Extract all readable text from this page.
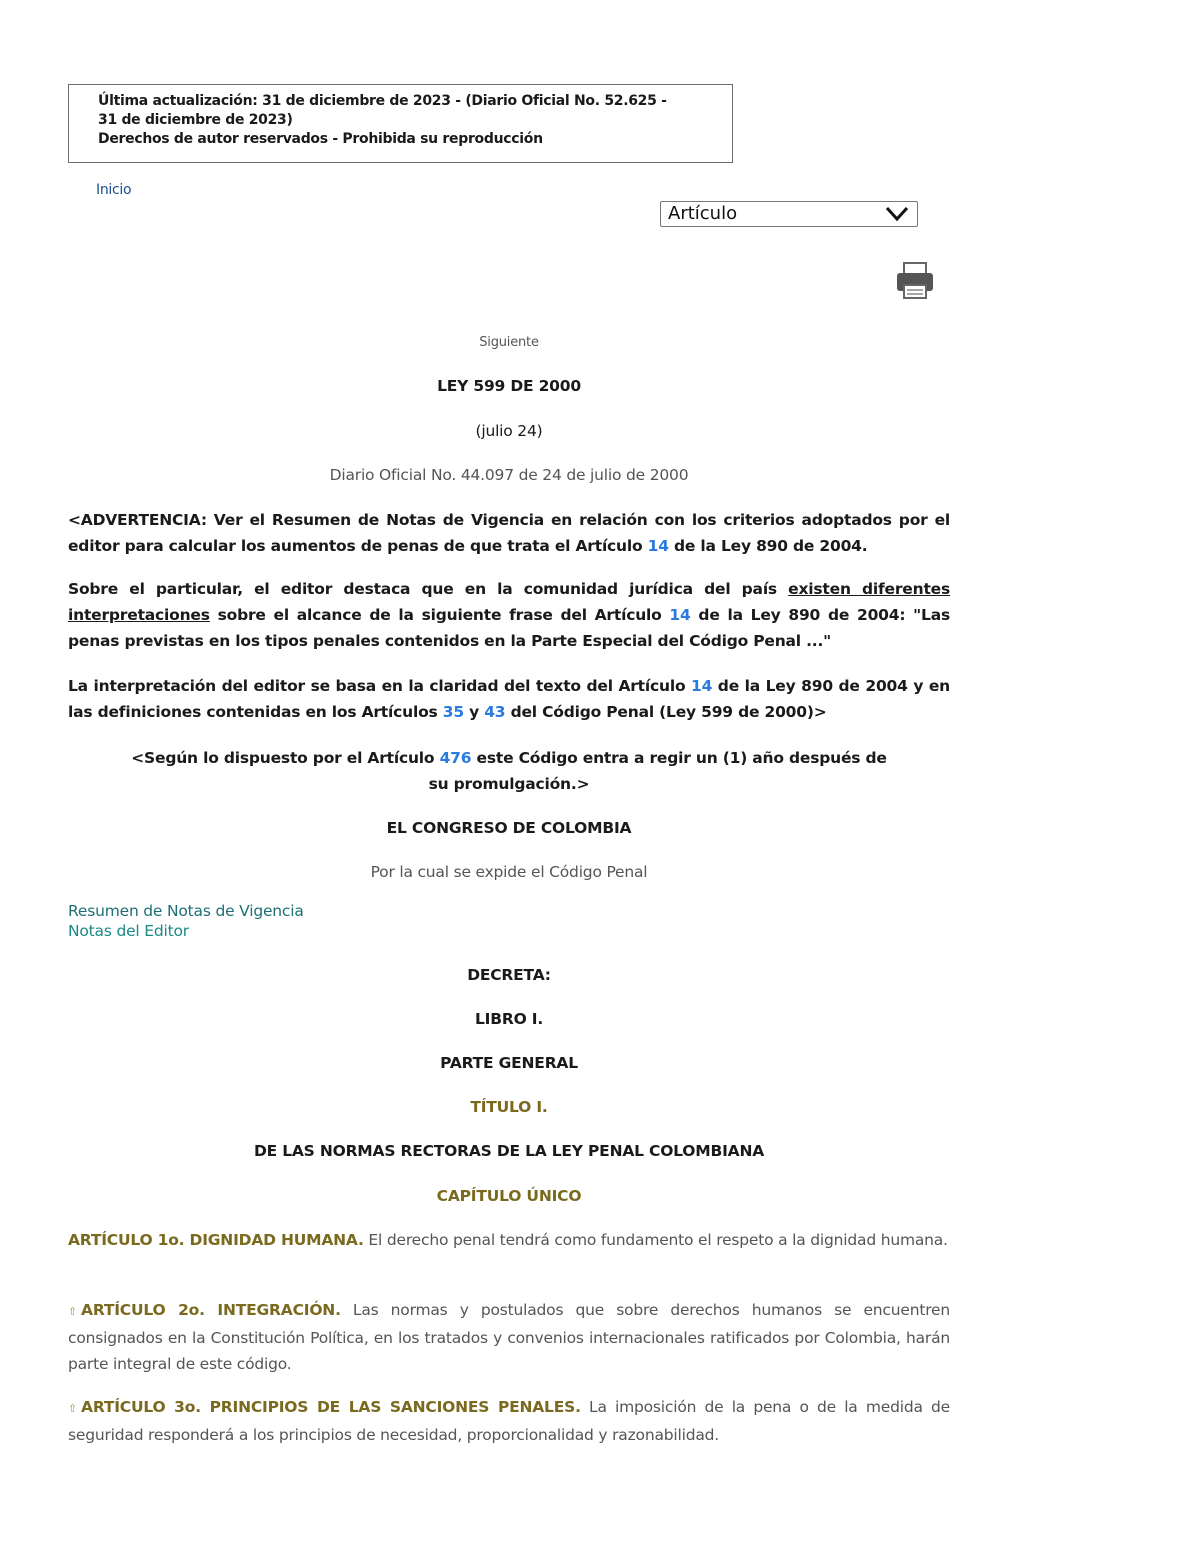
Última actualización: 31 de diciembre de 2023 - (Diario Oficial No. 52.625 -
31 de diciembre de 2023)
Derechos de autor reservados - Prohibida su reproducción
Inicio
Artículo

Siguiente

LEY 599 DE 2000

(julio 24)

Diario Oficial No. 44.097 de 24 de julio de 2000

<ADVERTENCIA: Ver el Resumen de Notas de Vigencia en relación con los criterios adoptados por el editor para calcular los aumentos de penas de que trata el Artículo 14 de la Ley 890 de 2004.

Sobre el particular, el editor destaca que en la comunidad jurídica del país existen diferentes interpretaciones sobre el alcance de la siguiente frase del Artículo 14 de la Ley 890 de 2004: "Las penas previstas en los tipos penales contenidos en la Parte Especial del Código Penal ..."

La interpretación del editor se basa en la claridad del texto del Artículo 14 de la Ley 890 de 2004 y en las definiciones contenidas en los Artículos 35 y 43 del Código Penal (Ley 599 de 2000)>

<Según lo dispuesto por el Artículo 476 este Código entra a regir un (1) año después de su promulgación.>

EL CONGRESO DE COLOMBIA

Por la cual se expide el Código Penal

Resumen de Notas de Vigencia
Notas del Editor

DECRETA:

LIBRO I.

PARTE GENERAL

TÍTULO I.

DE LAS NORMAS RECTORAS DE LA LEY PENAL COLOMBIANA

CAPÍTULO ÚNICO

ARTÍCULO 1o. DIGNIDAD HUMANA. El derecho penal tendrá como fundamento el respeto a la dignidad humana.

⇧ ARTÍCULO 2o. INTEGRACIÓN. Las normas y postulados que sobre derechos humanos se encuentren consignados en la Constitución Política, en los tratados y convenios internacionales ratificados por Colombia, harán parte integral de este código.

⇧ ARTÍCULO 3o. PRINCIPIOS DE LAS SANCIONES PENALES. La imposición de la pena o de la medida de seguridad responderá a los principios de necesidad, proporcionalidad y razonabilidad.
